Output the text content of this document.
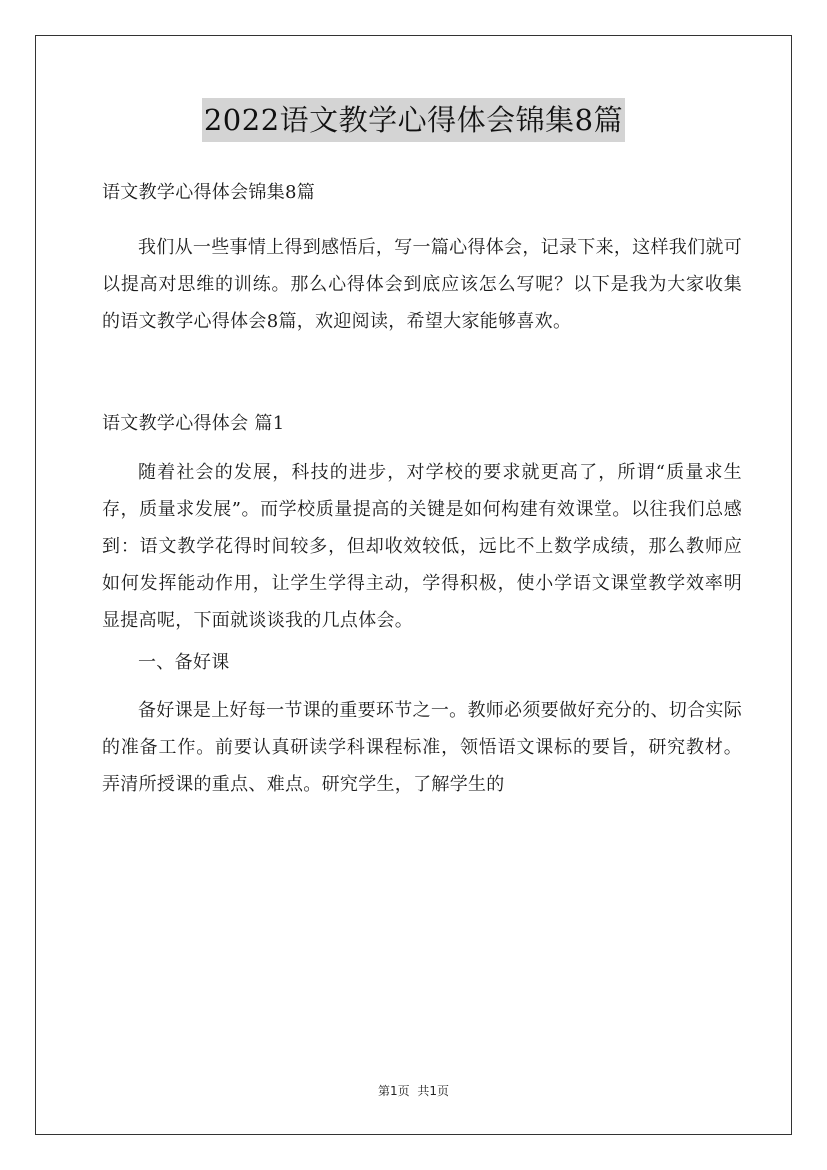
2022语文教学心得体会锦集8篇
语文教学心得体会锦集8篇
我们从一些事情上得到感悟后，写一篇心得体会，记录下来，这样我们就可以提高对思维的训练。那么心得体会到底应该怎么写呢？以下是我为大家收集的语文教学心得体会8篇，欢迎阅读，希望大家能够喜欢。
语文教学心得体会 篇1
随着社会的发展，科技的进步，对学校的要求就更高了，所谓“质量求生存，质量求发展”。而学校质量提高的关键是如何构建有效课堂。以往我们总感到：语文教学花得时间较多，但却收效较低，远比不上数学成绩，那么教师应如何发挥能动作用，让学生学得主动，学得积极，使小学语文课堂教学效率明显提高呢，下面就谈谈我的几点体会。
一、备好课
备好课是上好每一节课的重要环节之一。教师必须要做好充分的、切合实际的准备工作。前要认真研读学科课程标准，领悟语文课标的要旨，研究教材。弄清所授课的重点、难点。研究学生，了解学生的
第1页 共1页
